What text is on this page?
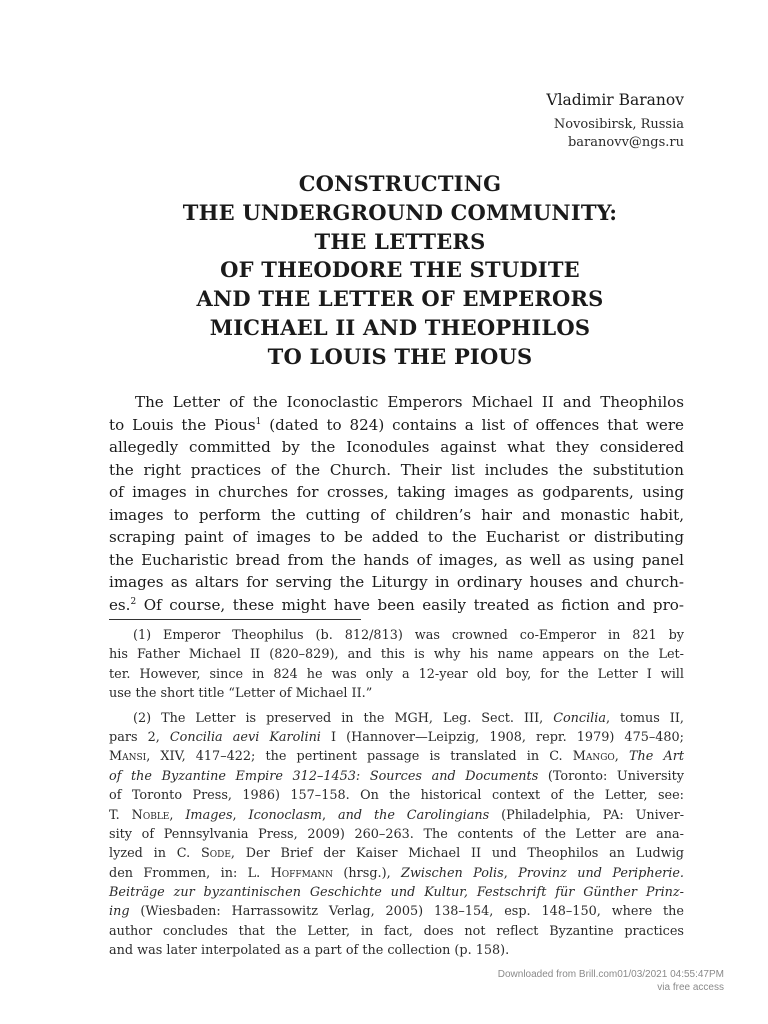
Vladimir Baranov
Novosibirsk, Russia
baranovv@ngs.ru
CONSTRUCTING
THE UNDERGROUND COMMUNITY:
THE LETTERS
OF THEODORE THE STUDITE
AND THE LETTER OF EMPERORS
MICHAEL II AND THEOPHILOS
TO LOUIS THE PIOUS
The Letter of the Iconoclastic Emperors Michael II and Theophilos
to Louis the Pious$^1$ (dated to 824) contains a list of offences that were
allegedly committed by the Iconodules against what they considered
the right practices of the Church. Their list includes the substitution
of images in churches for crosses, taking images as godparents, using
images to perform the cutting of children’s hair and monastic habit,
scraping paint of images to be added to the Eucharist or distributing
the Eucharistic bread from the hands of images, as well as using panel
images as altars for serving the Liturgy in ordinary houses and church-
es.$^2$ Of course, these might have been easily treated as fiction and pro-
(1) Emperor Theophilus (b. 812/813) was crowned co-Emperor in 821 by
his Father Michael II (820–829), and this is why his name appears on the Let-
ter. However, since in 824 he was only a 12-year old boy, for the Letter I will
use the short title “Letter of Michael II.”
(2) The Letter is preserved in the MGH, Leg. Sect. III, Concilia, tomus II,
pars 2, Concilia aevi Karolini I (Hannover—Leipzig, 1908, repr. 1979) 475–480;
Mansi, XIV, 417–422; the pertinent passage is translated in C. Mango, The Art
of the Byzantine Empire 312–1453: Sources and Documents (Toronto: University
of Toronto Press, 1986) 157–158. On the historical context of the Letter, see:
T. Noble, Images, Iconoclasm, and the Carolingians (Philadelphia, PA: Univer-
sity of Pennsylvania Press, 2009) 260–263. The contents of the Letter are ana-
lyzed in C. Sode, Der Brief der Kaiser Michael II und Theophilos an Ludwig
den Frommen, in: L. Hoffmann (hrsg.), Zwischen Polis, Provinz und Peripherie.
Beiträge zur byzantinischen Geschichte und Kultur, Festschrift für Günther Prinz-
ing (Wiesbaden: Harrassowitz Verlag, 2005) 138–154, esp. 148–150, where the
author concludes that the Letter, in fact, does not reflect Byzantine practices
and was later interpolated as a part of the collection (p. 158).
Downloaded from Brill.com01/03/2021 04:55:47PM
via free access
